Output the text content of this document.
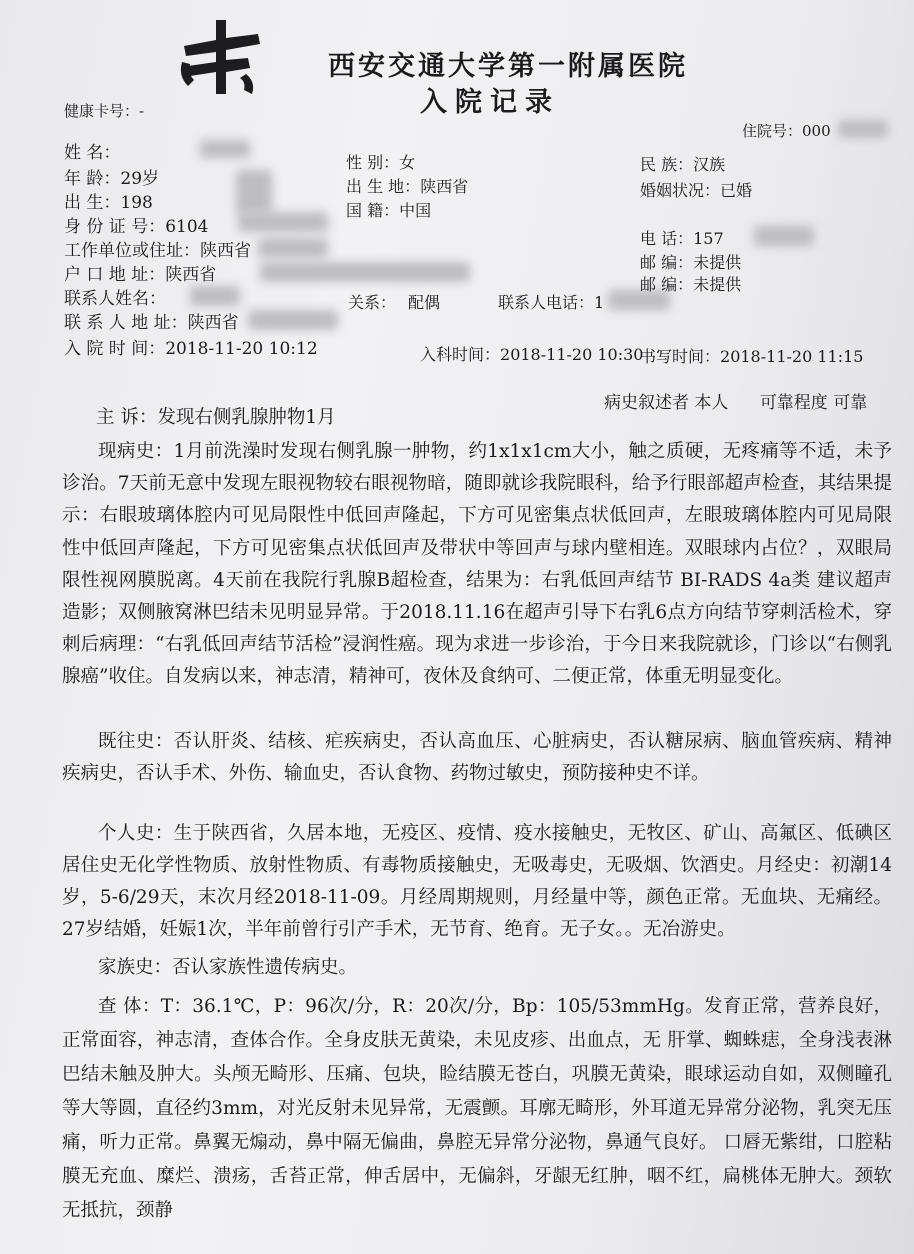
西安交通大学第一附属医院
入院记录
健康卡号：-
住院号：000
姓 名：
年 龄：29岁
出 生：198
身 份 证 号：6104
工作单位或住址：陕西省
户 口 地 址：陕西省
联系人姓名：
联 系 人 地 址：陕西省
入 院 时 间：2018-11-20 10:12
性 别：女
出 生 地：陕西省
国 籍：中国
关系： 配偶	联系人电话：1
民 族：汉族
婚姻状况：已婚
电 话：157
邮 编：未提供
邮 编：未提供
入科时间：2018-11-20 10:30
书写时间：2018-11-20 11:15
病史叙述者 本人 可靠程度 可靠
主 诉：发现右侧乳腺肿物1月
现病史：1月前洗澡时发现右侧乳腺一肿物，约1x1x1cm大小，触之质硬，无疼痛等不适，未予诊治。7天前无意中发现左眼视物较右眼视物暗，随即就诊我院眼科，给予行眼部超声检查，其结果提示：右眼玻璃体腔内可见局限性中低回声隆起，下方可见密集点状低回声，左眼玻璃体腔内可见局限性中低回声隆起，下方可见密集点状低回声及带状中等回声与球内壁相连。双眼球内占位？，双眼局限性视网膜脱离。4天前在我院行乳腺B超检查，结果为：右乳低回声结节 BI-RADS 4a类 建议超声造影；双侧腋窝淋巴结未见明显异常。于2018.11.16在超声引导下右乳6点方向结节穿刺活检术，穿刺后病理：“右乳低回声结节活检”浸润性癌。现为求进一步诊治，于今日来我院就诊，门诊以“右侧乳腺癌”收住。自发病以来，神志清，精神可，夜休及食纳可、二便正常，体重无明显变化。
既往史：否认肝炎、结核、疟疾病史，否认高血压、心脏病史，否认糖尿病、脑血管疾病、精神疾病史，否认手术、外伤、输血史，否认食物、药物过敏史，预防接种史不详。
个人史：生于陕西省，久居本地，无疫区、疫情、疫水接触史，无牧区、矿山、高氟区、低碘区居住史无化学性物质、放射性物质、有毒物质接触史，无吸毒史，无吸烟、饮酒史。月经史：初潮14岁，5-6/29天，末次月经2018-11-09。月经周期规则，月经量中等，颜色正常。无血块、无痛经。27岁结婚，妊娠1次，半年前曾行引产手术，无节育、绝育。无子女。。无冶游史。
家族史：否认家族性遗传病史。
查 体：T：36.1℃，P：96次/分，R：20次/分，Bp：105/53mmHg。发育正常，营养良好，正常面容，神志清，查体合作。全身皮肤无黄染，未见皮疹、出血点，无 肝掌、蜘蛛痣，全身浅表淋巴结未触及肿大。头颅无畸形、压痛、包块，睑结膜无苍白，巩膜无黄染，眼球运动自如，双侧瞳孔等大等圆，直径约3mm，对光反射未见异常，无震颤。耳廓无畸形，外耳道无异常分泌物，乳突无压痛，听力正常。鼻翼无煽动，鼻中隔无偏曲，鼻腔无异常分泌物，鼻通气良好。 口唇无紫绀，口腔粘膜无充血、糜烂、溃疡，舌苔正常，伸舌居中，无偏斜，牙龈无红肿，咽不红，扁桃体无肿大。颈软无抵抗，颈静
